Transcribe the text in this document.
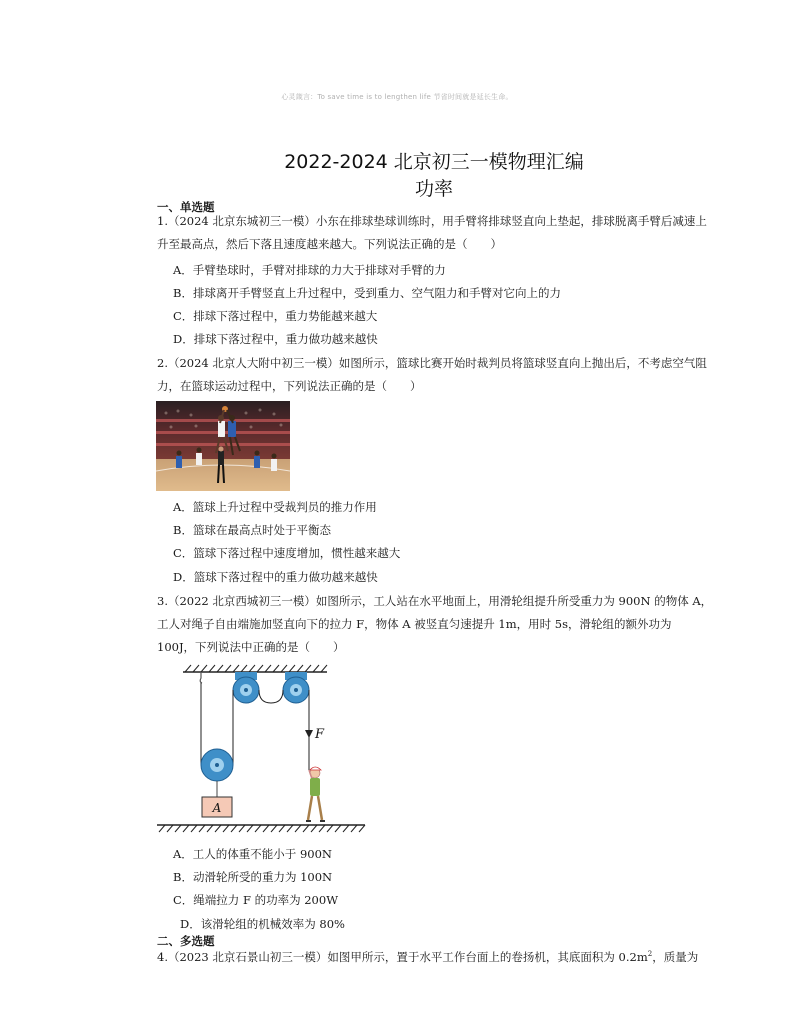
心灵箴言：To save time is to lengthen life 节省时间就是延长生命。
2022-2024 北京初三一模物理汇编
功率
一、单选题
1.（2024 北京东城初三一模）小东在排球垫球训练时，用手臂将排球竖直向上垫起，排球脱离手臂后减速上升至最高点，然后下落且速度越来越大。下列说法正确的是（　　）
A．手臂垫球时，手臂对排球的力大于排球对手臂的力
B．排球离开手臂竖直上升过程中，受到重力、空气阻力和手臂对它向上的力
C．排球下落过程中，重力势能越来越大
D．排球下落过程中，重力做功越来越快
2.（2024 北京人大附中初三一模）如图所示，篮球比赛开始时裁判员将篮球竖直向上抛出后，不考虑空气阻力，在篮球运动过程中，下列说法正确的是（　　）
A．篮球上升过程中受裁判员的推力作用
B．篮球在最高点时处于平衡态
C．篮球下落过程中速度增加，惯性越来越大
D．篮球下落过程中的重力做功越来越快
3.（2022 北京西城初三一模）如图所示，工人站在水平地面上，用滑轮组提升所受重力为 900N 的物体 A，工人对绳子自由端施加竖直向下的拉力 F，物体 A 被竖直匀速提升 1m，用时 5s，滑轮组的额外功为 100J，下列说法中正确的是（　　）
F
A
A．工人的体重不能小于 900N
B．动滑轮所受的重力为 100N
C．绳端拉力 F 的功率为 200W
D．该滑轮组的机械效率为 80%
二、多选题
4.（2023 北京石景山初三一模）如图甲所示，置于水平工作台面上的卷扬机，其底面积为 $0.2m^2$，质量为
